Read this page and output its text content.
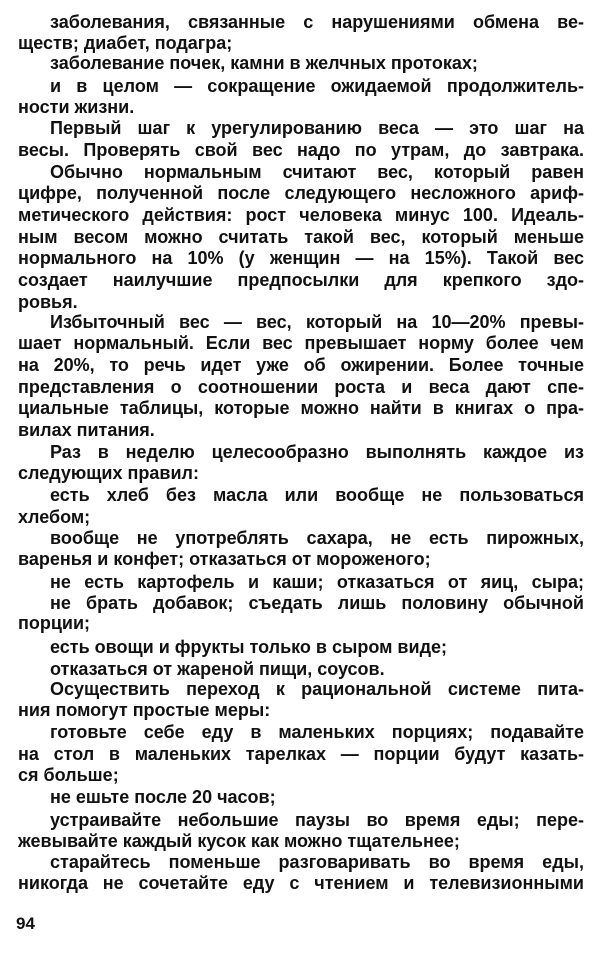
94
заболевания, связанные с нарушениями обмена ве-
ществ; диабет, подагра;
заболевание почек, камни в желчных протоках;
и в целом — сокращение ожидаемой продолжитель-
ности жизни.
Первый шаг к урегулированию веса — это шаг на
весы. Проверять свой вес надо по утрам, до завтрака.
Обычно нормальным считают вес, который равен
цифре, полученной после следующего несложного ариф-
метического действия: рост человека минус 100. Идеаль-
ным весом можно считать такой вес, который меньше
нормального на 10% (у женщин — на 15%). Такой вес
создает наилучшие предпосылки для крепкого здо-
ровья.
Избыточный вес — вес, который на 10—20% превы-
шает нормальный. Если вес превышает норму более чем
на 20%, то речь идет уже об ожирении. Более точные
представления о соотношении роста и веса дают спе-
циальные таблицы, которые можно найти в книгах о пра-
вилах питания.
Раз в неделю целесообразно выполнять каждое из
следующих правил:
есть хлеб без масла или вообще не пользоваться
хлебом;
вообще не употреблять сахара, не есть пирожных,
варенья и конфет; отказаться от мороженого;
не есть картофель и каши; отказаться от яиц, сыра;
не брать добавок; съедать лишь половину обычной
порции;
есть овощи и фрукты только в сыром виде;
отказаться от жареной пищи, соусов.
Осуществить переход к рациональной системе пита-
ния помогут простые меры:
готовьте себе еду в маленьких порциях; подавайте
на стол в маленьких тарелках — порции будут казать-
ся больше;
не ешьте после 20 часов;
устраивайте небольшие паузы во время еды; пере-
жевывайте каждый кусок как можно тщательнее;
старайтесь поменьше разговаривать во время еды,
никогда не сочетайте еду с чтением и телевизионными
